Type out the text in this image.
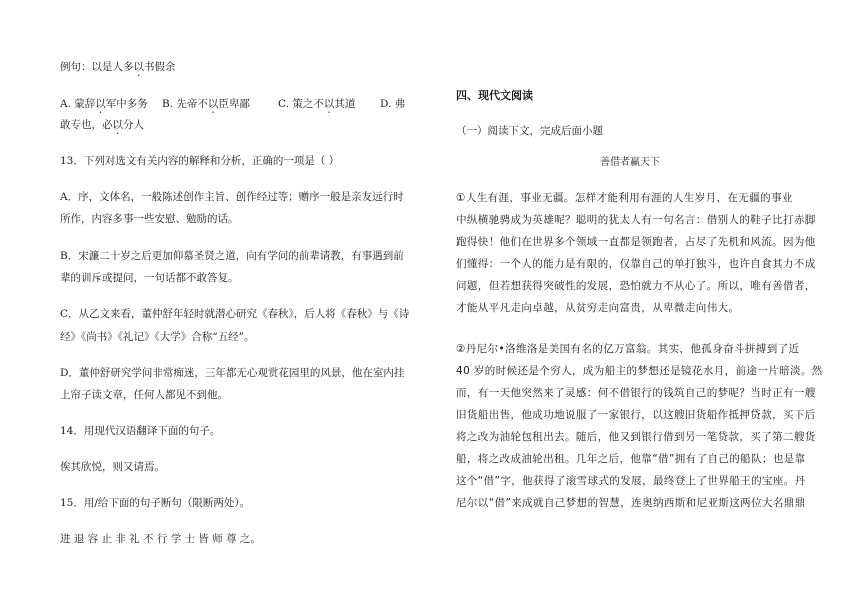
例句：以是人多以书假余

A. 蒙辞以军中多务 B. 先帝不以臣卑鄙	C. 策之不以其道 D. 弗

敢专也，必以分人

13．下列对选文有关内容的解释和分析，正确的一项是（ ）

A．序，文体名，一般陈述创作主旨、创作经过等；赠序一般是亲友远行时

所作，内容多事一些安慰、勉励的话。

B．宋濂二十岁之后更加仰慕圣贤之道，向有学问的前辈请教，有事遇到前

辈的训斥或提问，一句话都不敢答复。

C．从乙文来看，董仲舒年轻时就潜心研究《春秋》，后人将《春秋》与《诗

经》《尚书》《礼记》《大学》合称“五经”。

D．董仲舒研究学问非常痴迷，三年都无心观赏花园里的风景，他在室内挂

上帘子读文章，任何人都见不到他。

14．用现代汉语翻译下面的句子。

俟其欣悦，则又请焉。

15．用/给下面的句子断句（限断两处）。

进 退 容 止 非 礼 不 行 学 士 皆 师 尊 之。

四、现代文阅读

（一）阅读下文，完成后面小题

善借者赢天下

①人生有涯，事业无疆。怎样才能利用有涯的人生岁月，在无疆的事业

中纵横驰骋成为英雄呢？聪明的犹太人有一句名言：借别人的鞋子比打赤脚

跑得快！他们在世界多个领域一直都是领跑者，占尽了先机和风流。因为他

们懂得：一个人的能力是有限的，仅靠自己的单打独斗，也许自食其力不成

问题，但若想获得突破性的发展，恐怕就力不从心了。所以，唯有善借者，

才能从平凡走向卓越，从贫穷走向富贵，从卑微走向伟大。

②丹尼尔•洛维洛是美国有名的亿万富翁。其实，他孤身奋斗拼搏到了近

40 岁的时候还是个穷人，成为船主的梦想还是镜花水月，前途一片暗淡。然

而，有一天他突然来了灵感：何不借银行的钱筑自己的梦呢？当时正有一艘

旧货船出售，他成功地说服了一家银行，以这艘旧货船作抵押贷款，买下后

将之改为油轮包租出去。随后，他又到银行借到另一笔贷款，买了第二艘货

船，将之改成油轮出租。几年之后，他靠“借”拥有了自己的船队；也是靠

这个“借”字，他获得了滚雪球式的发展，最终登上了世界船王的宝座。丹

尼尔以“借”来成就自己梦想的智慧，连奥纳西斯和尼亚斯这两位大名鼎鼎
